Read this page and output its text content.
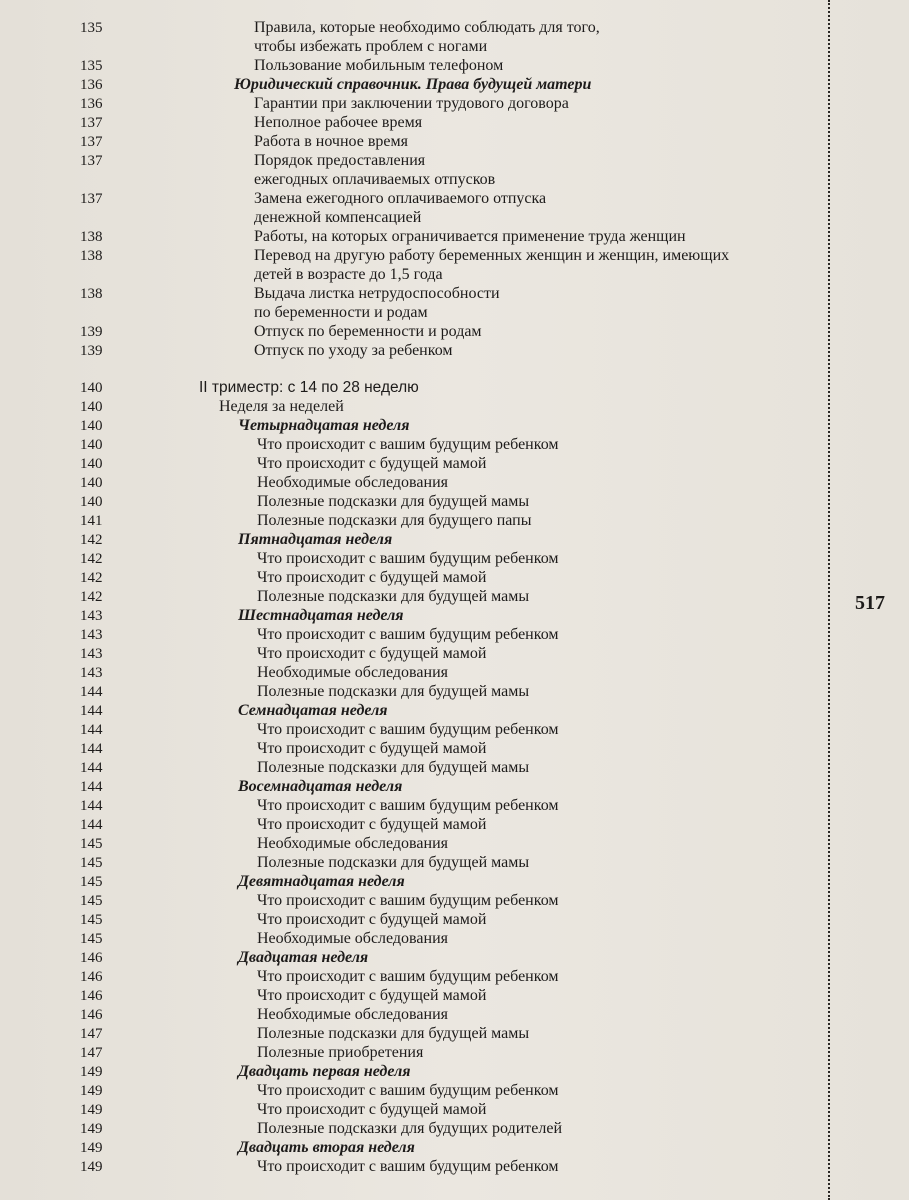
517
135	Правила, которые необходимо соблюдать для того,
чтобы избежать проблем с ногами
135	Пользование мобильным телефоном
136	Юридический справочник. Права будущей матери
136	Гарантии при заключении трудового договора
137	Неполное рабочее время
137	Работа в ночное время
137	Порядок предоставления
ежегодных оплачиваемых отпусков
137	Замена ежегодного оплачиваемого отпуска
денежной компенсацией
138	Работы, на которых ограничивается применение труда женщин
138	Перевод на другую работу беременных женщин и женщин, имеющих
детей в возрасте до 1,5 года
138	Выдача листка нетрудоспособности
по беременности и родам
139	Отпуск по беременности и родам
139	Отпуск по уходу за ребенком
140	II триместр: с 14 по 28 неделю
140	Неделя за неделей
140	Четырнадцатая неделя
140	Что происходит с вашим будущим ребенком
140	Что происходит с будущей мамой
140	Необходимые обследования
140	Полезные подсказки для будущей мамы
141	Полезные подсказки для будущего папы
142	Пятнадцатая неделя
142	Что происходит с вашим будущим ребенком
142	Что происходит с будущей мамой
142	Полезные подсказки для будущей мамы
143	Шестнадцатая неделя
143	Что происходит с вашим будущим ребенком
143	Что происходит с будущей мамой
143	Необходимые обследования
144	Полезные подсказки для будущей мамы
144	Семнадцатая неделя
144	Что происходит с вашим будущим ребенком
144	Что происходит с будущей мамой
144	Полезные подсказки для будущей мамы
144	Восемнадцатая неделя
144	Что происходит с вашим будущим ребенком
144	Что происходит с будущей мамой
145	Необходимые обследования
145	Полезные подсказки для будущей мамы
145	Девятнадцатая неделя
145	Что происходит с вашим будущим ребенком
145	Что происходит с будущей мамой
145	Необходимые обследования
146	Двадцатая неделя
146	Что происходит с вашим будущим ребенком
146	Что происходит с будущей мамой
146	Необходимые обследования
147	Полезные подсказки для будущей мамы
147	Полезные приобретения
149	Двадцать первая неделя
149	Что происходит с вашим будущим ребенком
149	Что происходит с будущей мамой
149	Полезные подсказки для будущих родителей
149	Двадцать вторая неделя
149	Что происходит с вашим будущим ребенком
